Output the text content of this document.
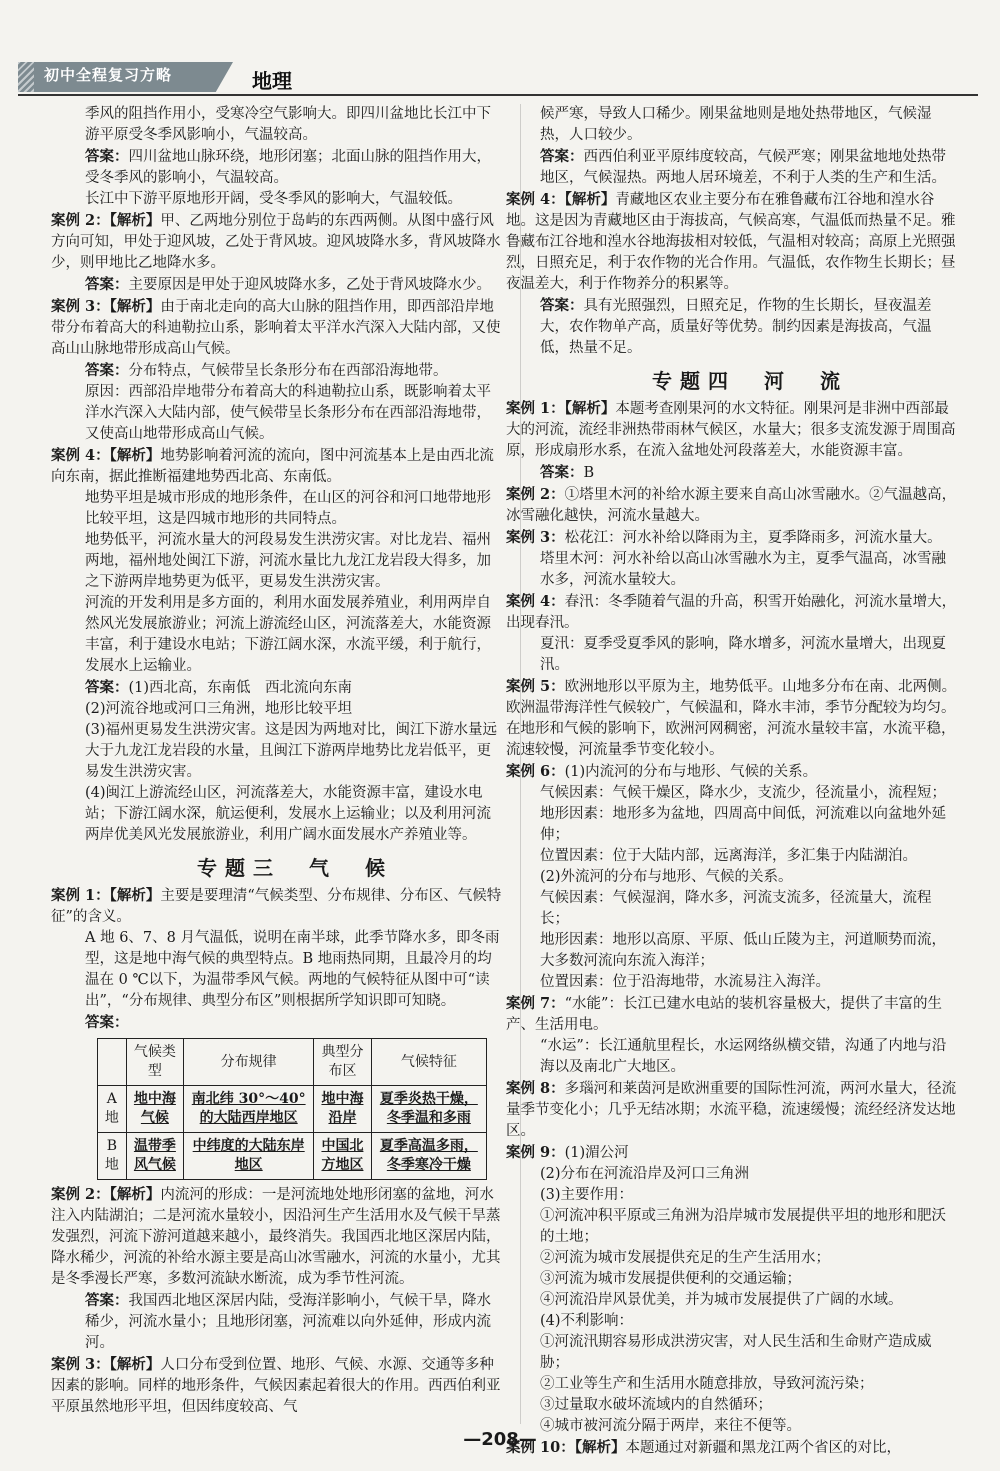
初中全程复习方略	地理

季风的阻挡作用小，受寒冷空气影响大。即四川盆地比长江中下游平原受冬季风影响小，气温较高。

答案：四川盆地山脉环绕，地形闭塞；北面山脉的阻挡作用大，受冬季风的影响小，气温较高。

长江中下游平原地形开阔，受冬季风的影响大，气温较低。

案例 2：【解析】甲、乙两地分别位于岛屿的东西两侧。从图中盛行风方向可知，甲处于迎风坡，乙处于背风坡。迎风坡降水多，背风坡降水少，则甲地比乙地降水多。

答案：主要原因是甲处于迎风坡降水多，乙处于背风坡降水少。

案例 3：【解析】由于南北走向的高大山脉的阻挡作用，即西部沿岸地带分布着高大的科迪勒拉山系，影响着太平洋水汽深入大陆内部，又使高山山脉地带形成高山气候。

答案：分布特点，气候带呈长条形分布在西部沿海地带。

原因：西部沿岸地带分布着高大的科迪勒拉山系，既影响着太平洋水汽深入大陆内部，使气候带呈长条形分布在西部沿海地带，又使高山地带形成高山气候。

案例 4：【解析】地势影响着河流的流向，图中河流基本上是由西北流向东南，据此推断福建地势西北高、东南低。

地势平坦是城市形成的地形条件，在山区的河谷和河口地带地形比较平坦，这是四城市地形的共同特点。

地势低平，河流水量大的河段易发生洪涝灾害。对比龙岩、福州两地，福州地处闽江下游，河流水量比九龙江龙岩段大得多，加之下游两岸地势更为低平，更易发生洪涝灾害。

河流的开发利用是多方面的，利用水面发展养殖业，利用两岸自然风光发展旅游业；河流上游流经山区，河流落差大，水能资源丰富，利于建设水电站；下游江阔水深，水流平缓，利于航行，发展水上运输业。

答案：(1)西北高，东南低　西北流向东南

(2)河流谷地或河口三角洲，地形比较平坦

(3)福州更易发生洪涝灾害。这是因为两地对比，闽江下游水量远大于九龙江龙岩段的水量，且闽江下游两岸地势比龙岩低平，更易发生洪涝灾害。

(4)闽江上游流经山区，河流落差大，水能资源丰富，建设水电站；下游江阔水深，航运便利，发展水上运输业；以及利用河流两岸优美风光发展旅游业，利用广阔水面发展水产养殖业等。

专题三　气　候

案例 1：【解析】主要是要理清“气候类型、分布规律、分布区、气候特征”的含义。

A 地 6、7、8 月气温低，说明在南半球，此季节降水多，即冬雨型，这是地中海气候的典型特点。B 地雨热同期，且最冷月的均温在 0 ℃以下，为温带季风气候。两地的气候特征从图中可“读出”，“分布规律、典型分布区”则根据所学知识即可知晓。

答案：

	气候类型	分布规律	典型分布区	气候特征
A 地	地中海气候	南北纬 30°～40°的大陆西岸地区	地中海沿岸	夏季炎热干燥，冬季温和多雨
B 地	温带季风气候	中纬度的大陆东岸地区	中国北方地区	夏季高温多雨，冬季寒冷干燥

案例 2：【解析】内流河的形成：一是河流地处地形闭塞的盆地，河水注入内陆湖泊；二是河流水量较小，因沿河生产生活用水及气候干旱蒸发强烈，河流下游河道越来越小，最终消失。我国西北地区深居内陆，降水稀少，河流的补给水源主要是高山冰雪融水，河流的水量小，尤其是冬季漫长严寒，多数河流缺水断流，成为季节性河流。

答案：我国西北地区深居内陆，受海洋影响小，气候干旱，降水稀少，河流水量小；且地形闭塞，河流难以向外延伸，形成内流河。

案例 3：【解析】人口分布受到位置、地形、气候、水源、交通等多种因素的影响。同样的地形条件，气候因素起着很大的作用。西西伯利亚平原虽然地形平坦，但因纬度较高、气

候严寒，导致人口稀少。刚果盆地则是地处热带地区，气候湿热，人口较少。

答案：西西伯利亚平原纬度较高，气候严寒；刚果盆地地处热带地区，气候湿热。两地人居环境差，不利于人类的生产和生活。

案例 4：【解析】青藏地区农业主要分布在雅鲁藏布江谷地和湟水谷地。这是因为青藏地区由于海拔高，气候高寒，气温低而热量不足。雅鲁藏布江谷地和湟水谷地海拔相对较低，气温相对较高；高原上光照强烈，日照充足，利于农作物的光合作用。气温低，农作物生长期长；昼夜温差大，利于作物养分的积累等。

答案：具有光照强烈，日照充足，作物的生长期长，昼夜温差大，农作物单产高，质量好等优势。制约因素是海拔高，气温低，热量不足。

专题四　河　流

案例 1：【解析】本题考查刚果河的水文特征。刚果河是非洲中西部最大的河流，流经非洲热带雨林气候区，水量大；很多支流发源于周围高原，形成扇形水系，在流入盆地处河段落差大，水能资源丰富。

答案：B

案例 2：①塔里木河的补给水源主要来自高山冰雪融水。②气温越高，冰雪融化越快，河流水量越大。

案例 3：松花江：河水补给以降雨为主，夏季降雨多，河流水量大。

塔里木河：河水补给以高山冰雪融水为主，夏季气温高，冰雪融水多，河流水量较大。

案例 4：春汛：冬季随着气温的升高，积雪开始融化，河流水量增大，出现春汛。

夏汛：夏季受夏季风的影响，降水增多，河流水量增大，出现夏汛。

案例 5：欧洲地形以平原为主，地势低平。山地多分布在南、北两侧。欧洲温带海洋性气候较广，气候温和，降水丰沛，季节分配较为均匀。在地形和气候的影响下，欧洲河网稠密，河流水量较丰富，水流平稳，流速较慢，河流量季节变化较小。

案例 6：(1)内流河的分布与地形、气候的关系。

气候因素：气候干燥区，降水少，支流少，径流量小，流程短；

地形因素：地形多为盆地，四周高中间低，河流难以向盆地外延伸；

位置因素：位于大陆内部，远离海洋，多汇集于内陆湖泊。

(2)外流河的分布与地形、气候的关系。

气候因素：气候湿润，降水多，河流支流多，径流量大，流程长；

地形因素：地形以高原、平原、低山丘陵为主，河道顺势而流，大多数河流向东流入海洋；

位置因素：位于沿海地带，水流易注入海洋。

案例 7：“水能”：长江已建水电站的装机容量极大，提供了丰富的生产、生活用电。

“水运”：长江通航里程长，水运网络纵横交错，沟通了内地与沿海以及南北广大地区。

案例 8：多瑙河和莱茵河是欧洲重要的国际性河流，两河水量大，径流量季节变化小；几乎无结冰期；水流平稳，流速缓慢；流经经济发达地区。

案例 9：(1)湄公河

(2)分布在河流沿岸及河口三角洲

(3)主要作用：

①河流冲积平原或三角洲为沿岸城市发展提供平坦的地形和肥沃的土地；

②河流为城市发展提供充足的生产生活用水；

③河流为城市发展提供便利的交通运输；

④河流沿岸风景优美，并为城市发展提供了广阔的水域。

(4)不利影响：

①河流汛期容易形成洪涝灾害，对人民生活和生命财产造成威胁；

②工业等生产和生活用水随意排放，导致河流污染；

③过量取水破坏流域内的自然循环；

④城市被河流分隔于两岸，来往不便等。

案例 10：【解析】本题通过对新疆和黑龙江两个省区的对比，

—208—
